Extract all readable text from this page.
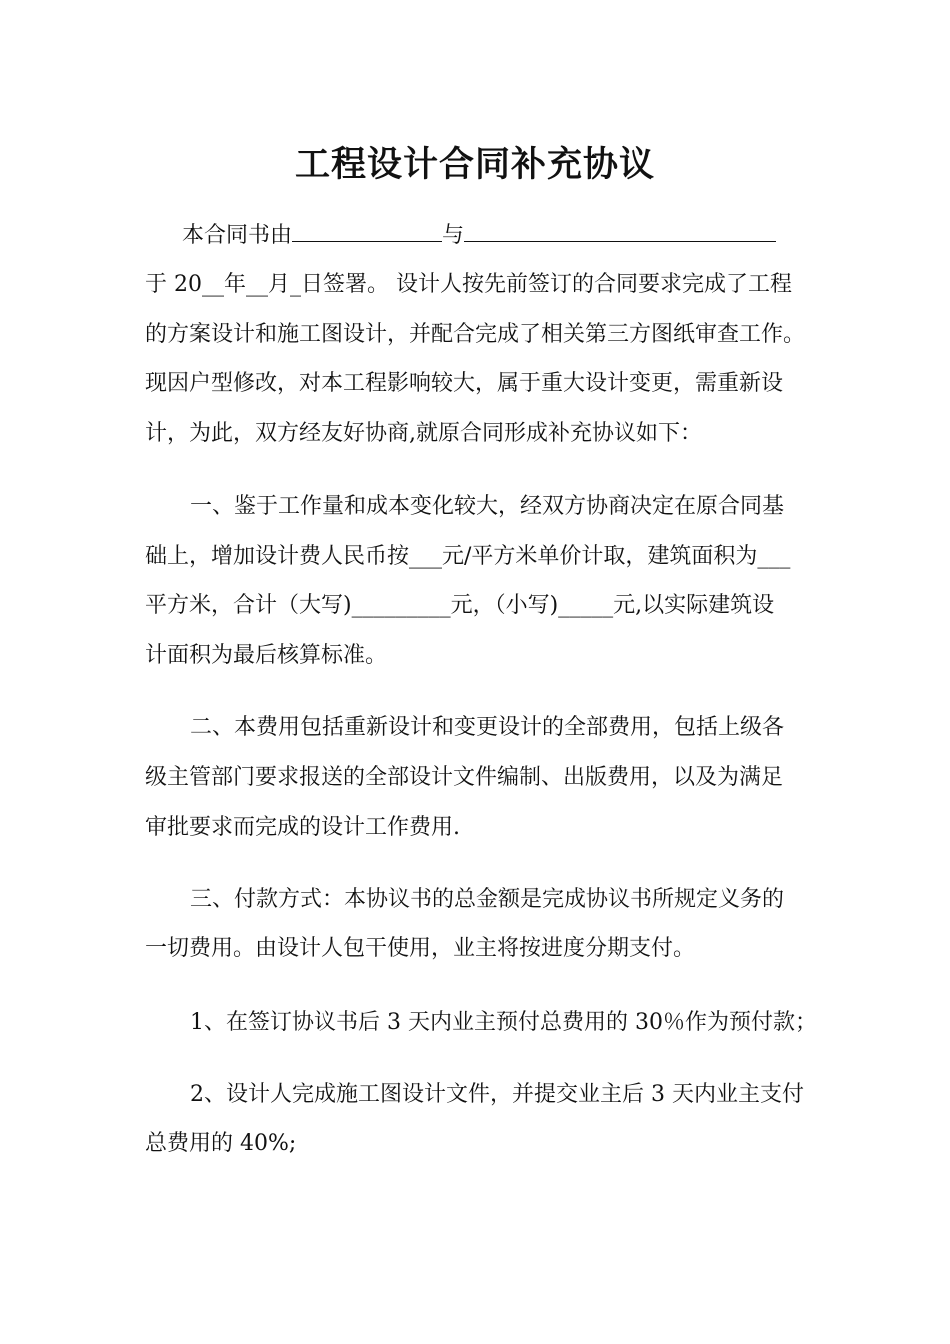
工程设计合同补充协议
本合同书由	与
于 20__年__月_日签署。 设计人按先前签订的合同要求完成了工程
的方案设计和施工图设计，并配合完成了相关第三方图纸审查工作。
现因户型修改，对本工程影响较大，属于重大设计变更，需重新设
计，为此，双方经友好协商,就原合同形成补充协议如下：
一、鉴于工作量和成本变化较大，经双方协商决定在原合同基
础上，增加设计费人民币按___元/平方米单价计取，建筑面积为___
平方米，合计（大写)_________元，（小写)_____元,以实际建筑设
计面积为最后核算标准。
二、本费用包括重新设计和变更设计的全部费用，包括上级各
级主管部门要求报送的全部设计文件编制、出版费用，以及为满足
审批要求而完成的设计工作费用.
三、付款方式：本协议书的总金额是完成协议书所规定义务的
一切费用。由设计人包干使用，业主将按进度分期支付。
1、在签订协议书后 3 天内业主预付总费用的 30％作为预付款；
2、设计人完成施工图设计文件，并提交业主后 3 天内业主支付
总费用的 40%;
